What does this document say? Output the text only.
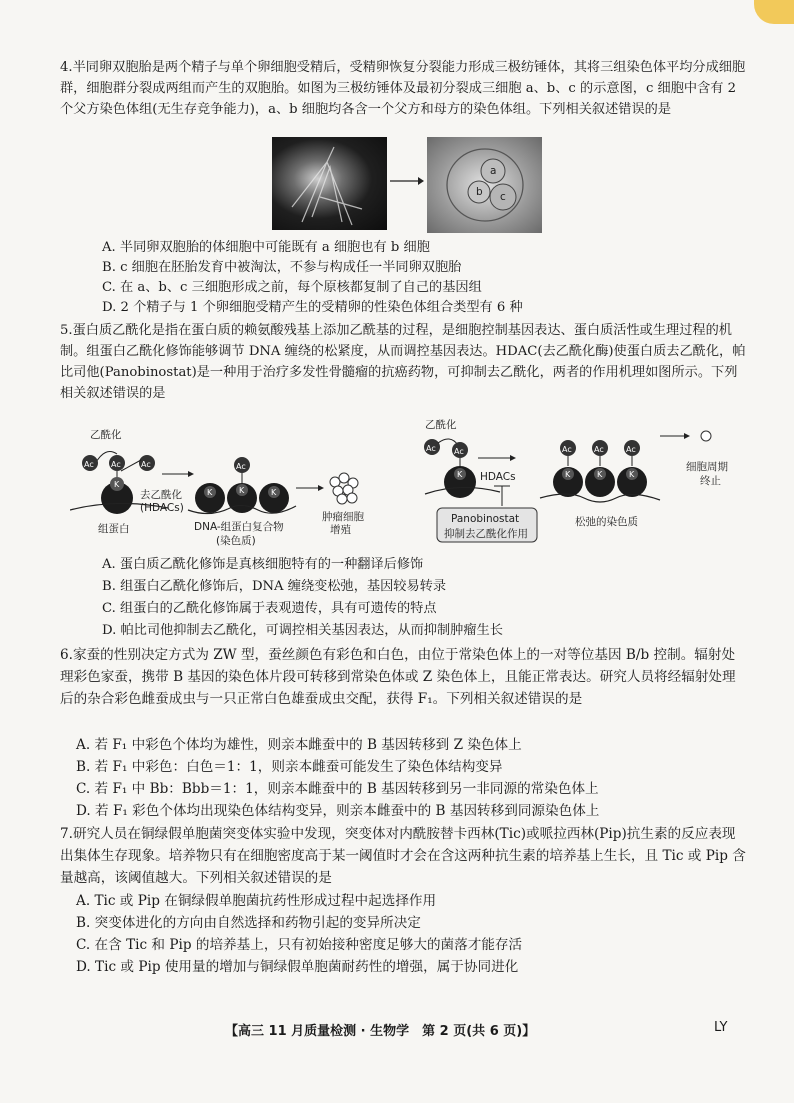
4.半同卵双胞胎是两个精子与单个卵细胞受精后，受精卵恢复分裂能力形成三极纺锤体，其将三组染色体平均分成细胞群，细胞群分裂成两组而产生的双胞胎。如图为三极纺锤体及最初分裂成三细胞 a、b、c 的示意图，c 细胞中含有 2 个父方染色体组(无生存竞争能力)，a、b 细胞均各含一个父方和母方的染色体组。下列相关叙述错误的是
a
b c
A. 半同卵双胞胎的体细胞中可能既有 a 细胞也有 b 细胞
B. c 细胞在胚胎发育中被淘汰，不参与构成任一半同卵双胞胎
C. 在 a、b、c 三细胞形成之前，每个原核都复制了自己的基因组
D. 2 个精子与 1 个卵细胞受精产生的受精卵的性染色体组合类型有 6 种
5.蛋白质乙酰化是指在蛋白质的赖氨酸残基上添加乙酰基的过程，是细胞控制基因表达、蛋白质活性或生理过程的机制。组蛋白乙酰化修饰能够调节 DNA 缠绕的松紧度，从而调控基因表达。HDAC(去乙酰化酶)使蛋白质去乙酰化，帕比司他(Panobinostat)是一种用于治疗多发性骨髓瘤的抗癌药物，可抑制去乙酰化，两者的作用机理如图所示。下列相关叙述错误的是
乙酰化
Ac Ac	Ac
K
组蛋白
去乙酰化
(HDACs)
Ac
K	K	K
DNA-组蛋白复合物
(染色质)
肿瘤细胞
增殖
乙酰化
Ac Ac
K HDACs
Panobinostat
抑制去乙酰化作用
Ac	Ac	Ac
K	K	K
松弛的染色质
细胞周期
终止
A. 蛋白质乙酰化修饰是真核细胞特有的一种翻译后修饰
B. 组蛋白乙酰化修饰后，DNA 缠绕变松弛，基因较易转录
C. 组蛋白的乙酰化修饰属于表观遗传，具有可遗传的特点
D. 帕比司他抑制去乙酰化，可调控相关基因表达，从而抑制肿瘤生长
6.家蚕的性别决定方式为 ZW 型，蚕丝颜色有彩色和白色，由位于常染色体上的一对等位基因 B/b 控制。辐射处理彩色家蚕，携带 B 基因的染色体片段可转移到常染色体或 Z 染色体上，且能正常表达。研究人员将经辐射处理后的杂合彩色雌蚕成虫与一只正常白色雄蚕成虫交配，获得 F₁。下列相关叙述错误的是
A. 若 F₁ 中彩色个体均为雄性，则亲本雌蚕中的 B 基因转移到 Z 染色体上
B. 若 F₁ 中彩色：白色＝1：1，则亲本雌蚕可能发生了染色体结构变异
C. 若 F₁ 中 Bb：Bbb＝1：1，则亲本雌蚕中的 B 基因转移到另一非同源的常染色体上
D. 若 F₁ 彩色个体均出现染色体结构变异，则亲本雌蚕中的 B 基因转移到同源染色体上
7.研究人员在铜绿假单胞菌突变体实验中发现，突变体对内酰胺替卡西林(Tic)或哌拉西林(Pip)抗生素的反应表现出集体生存现象。培养物只有在细胞密度高于某一阈值时才会在含这两种抗生素的培养基上生长，且 Tic 或 Pip 含量越高，该阈值越大。下列相关叙述错误的是
A. Tic 或 Pip 在铜绿假单胞菌抗药性形成过程中起选择作用
B. 突变体进化的方向由自然选择和药物引起的变异所决定
C. 在含 Tic 和 Pip 的培养基上，只有初始接种密度足够大的菌落才能存活
D. Tic 或 Pip 使用量的增加与铜绿假单胞菌耐药性的增强，属于协同进化
【高三 11 月质量检测 · 生物学　第 2 页(共 6 页)】	LY
